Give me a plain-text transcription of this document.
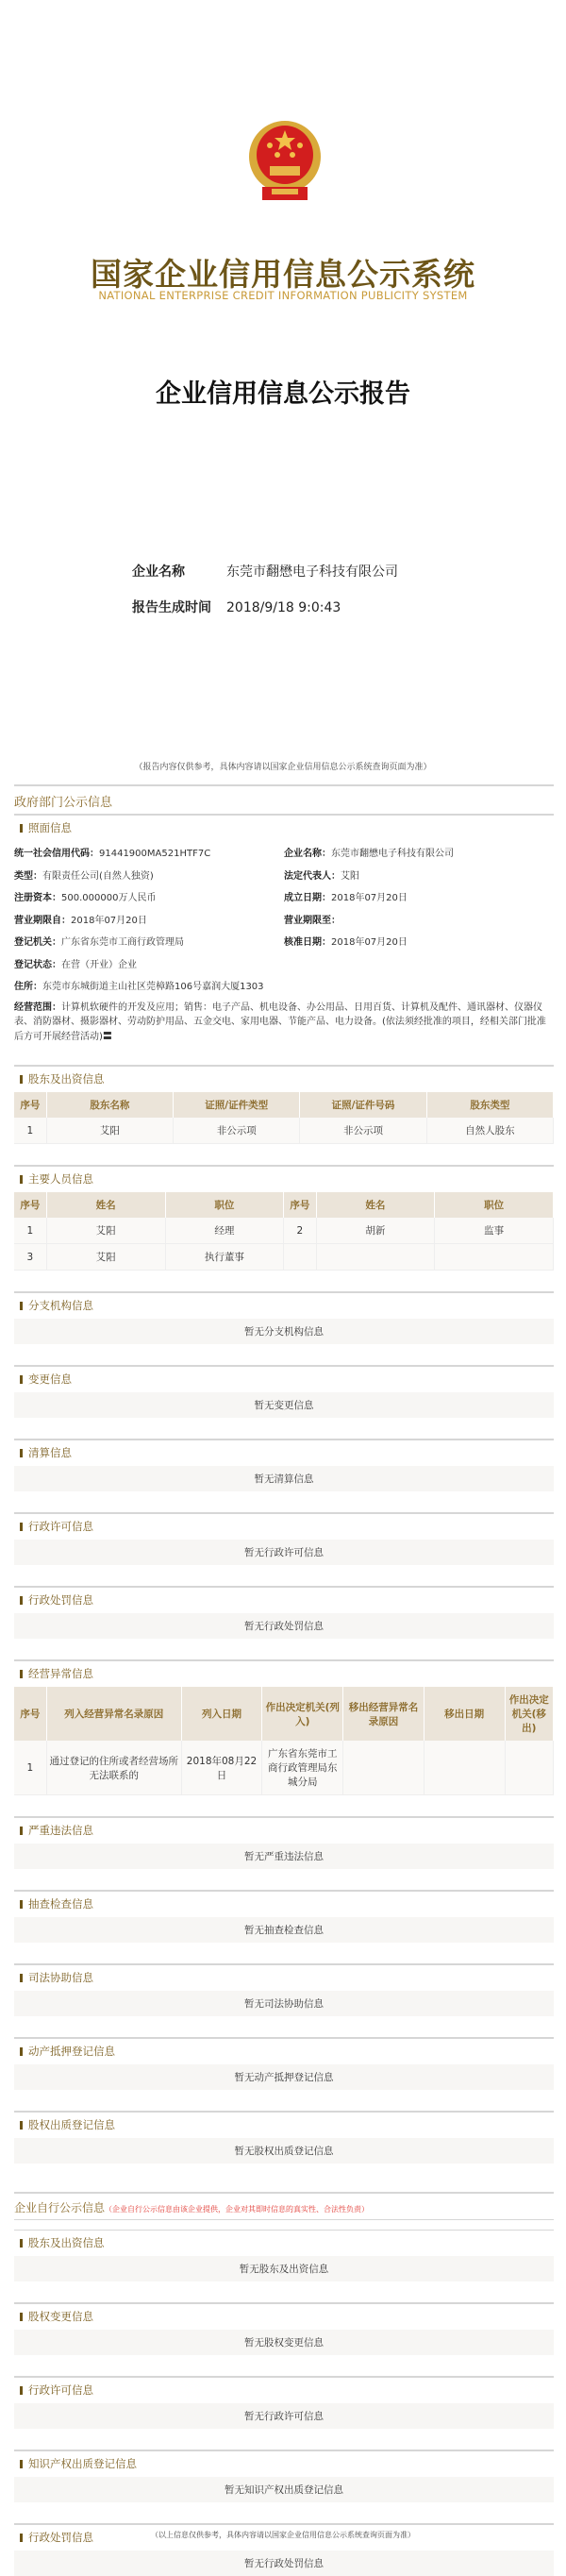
国家企业信用信息公示系统
NATIONAL ENTERPRISE CREDIT INFORMATION PUBLICITY SYSTEM
企业信用信息公示报告
企业名称	东莞市翻懋电子科技有限公司
报告生成时间 2018/9/18 9:0:43
（报告内容仅供参考，具体内容请以国家企业信用信息公示系统查询页面为准）
政府部门公示信息
照面信息
统一社会信用代码：91441900MA521HTF7C	企业名称：东莞市翻懋电子科技有限公司
类型：有限责任公司(自然人独资)	法定代表人：艾阳
注册资本：500.000000万人民币	成立日期：2018年07月20日
营业期限自：2018年07月20日	营业期限至：
登记机关：广东省东莞市工商行政管理局	核准日期：2018年07月20日
登记状态：在营（开业）企业
住所：东莞市东城街道主山社区莞樟路106号嘉润大厦1303
经营范围：计算机软硬件的开发及应用；销售：电子产品、机电设备、办公用品、日用百货、计算机及配件、通讯器材、仪器仪表、消防器材、摄影器材、劳动防护用品、五金交电、家用电器、节能产品、电力设备。(依法须经批准的项目，经相关部门批准后方可开展经营活动)〓
股东及出资信息
序号	股东名称	证照/证件类型	证照/证件号码	股东类型
1	艾阳	非公示项	非公示项	自然人股东
主要人员信息
序号	姓名	职位	序号	姓名	职位
1	艾阳	经理	2	胡新	监事
3	艾阳	执行董事			
分支机构信息
暂无分支机构信息
变更信息
暂无变更信息
清算信息
暂无清算信息
行政许可信息
暂无行政许可信息
行政处罚信息
暂无行政处罚信息
经营异常信息
序号	列入经营异常名录原因	列入日期	作出决定机关(列入)	移出经营异常名录原因	移出日期	作出决定机关(移出)
1	通过登记的住所或者经营场所无法联系的	2018年08月22日	广东省东莞市工商行政管理局东城分局			
严重违法信息
暂无严重违法信息
抽查检查信息
暂无抽查检查信息
司法协助信息
暂无司法协助信息
动产抵押登记信息
暂无动产抵押登记信息
股权出质登记信息
暂无股权出质登记信息
企业自行公示信息（企业自行公示信息由该企业提供，企业对其即时信息的真实性、合法性负责）
股东及出资信息
暂无股东及出资信息
股权变更信息
暂无股权变更信息
行政许可信息
暂无行政许可信息
知识产权出质登记信息
暂无知识产权出质登记信息
行政处罚信息
暂无行政处罚信息
（以上信息仅供参考，具体内容请以国家企业信用信息公示系统查询页面为准）
